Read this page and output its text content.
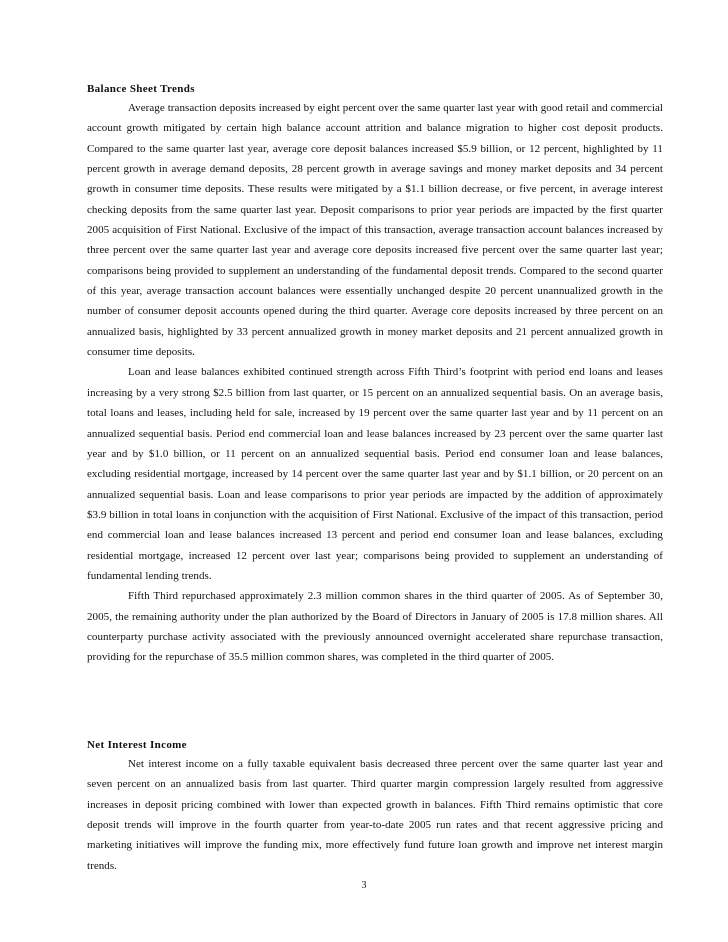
Balance Sheet Trends

Average transaction deposits increased by eight percent over the same quarter last year with good retail and commercial account growth mitigated by certain high balance account attrition and balance migration to higher cost deposit products. Compared to the same quarter last year, average core deposit balances increased $5.9 billion, or 12 percent, highlighted by 11 percent growth in average demand deposits, 28 percent growth in average savings and money market deposits and 34 percent growth in consumer time deposits. These results were mitigated by a $1.1 billion decrease, or five percent, in average interest checking deposits from the same quarter last year. Deposit comparisons to prior year periods are impacted by the first quarter 2005 acquisition of First National. Exclusive of the impact of this transaction, average transaction account balances increased by three percent over the same quarter last year and average core deposits increased five percent over the same quarter last year; comparisons being provided to supplement an understanding of the fundamental deposit trends. Compared to the second quarter of this year, average transaction account balances were essentially unchanged despite 20 percent unannualized growth in the number of consumer deposit accounts opened during the third quarter. Average core deposits increased by three percent on an annualized basis, highlighted by 33 percent annualized growth in money market deposits and 21 percent annualized growth in consumer time deposits.

Loan and lease balances exhibited continued strength across Fifth Third’s footprint with period end loans and leases increasing by a very strong $2.5 billion from last quarter, or 15 percent on an annualized sequential basis. On an average basis, total loans and leases, including held for sale, increased by 19 percent over the same quarter last year and by 11 percent on an annualized sequential basis. Period end commercial loan and lease balances increased by 23 percent over the same quarter last year and by $1.0 billion, or 11 percent on an annualized sequential basis. Period end consumer loan and lease balances, excluding residential mortgage, increased by 14 percent over the same quarter last year and by $1.1 billion, or 20 percent on an annualized sequential basis. Loan and lease comparisons to prior year periods are impacted by the addition of approximately $3.9 billion in total loans in conjunction with the acquisition of First National. Exclusive of the impact of this transaction, period end commercial loan and lease balances increased 13 percent and period end consumer loan and lease balances, excluding residential mortgage, increased 12 percent over last year; comparisons being provided to supplement an understanding of fundamental lending trends.

Fifth Third repurchased approximately 2.3 million common shares in the third quarter of 2005. As of September 30, 2005, the remaining authority under the plan authorized by the Board of Directors in January of 2005 is 17.8 million shares. All counterparty purchase activity associated with the previously announced overnight accelerated share repurchase transaction, providing for the repurchase of 35.5 million common shares, was completed in the third quarter of 2005.

Net Interest Income

Net interest income on a fully taxable equivalent basis decreased three percent over the same quarter last year and seven percent on an annualized basis from last quarter. Third quarter margin compression largely resulted from aggressive increases in deposit pricing combined with lower than expected growth in balances. Fifth Third remains optimistic that core deposit trends will improve in the fourth quarter from year-to-date 2005 run rates and that recent aggressive pricing and marketing initiatives will improve the funding mix, more effectively fund future loan growth and improve net interest margin trends.

3
